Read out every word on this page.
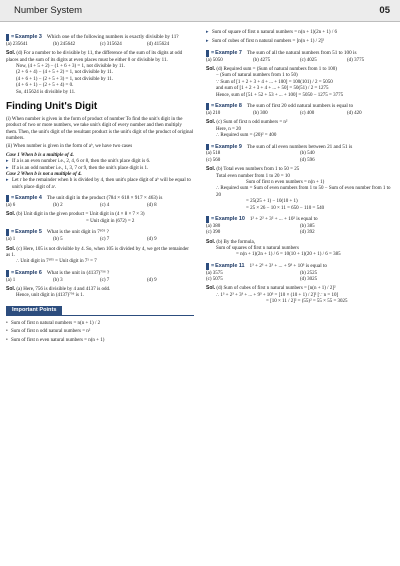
Number System	05
=Example 3 Which one of the following numbers is exactly divisible by 11?
(a) 235641	(b) 245642	(c) 315624	(d) 415624
Sol. (d) For a number to be divisible by 11, the difference of the sum of its digits at odd places and the sum of its digits at even places must be either 0 or divisible by 11.
Now, (4 + 5 + 2) − (1 + 6 + 3) = 1, not divisible by 11.
(2 + 6 + 4) − (4 + 5 + 2) = 1, not divisible by 11.
(4 + 6 + 1) − (2 + 5 + 3) = 1, not divisible by 11.
(4 + 6 + 1) − (2 + 5 + 4) = 0.
So, 415624 is divisible by 11.
Finding Unit's Digit
(i) When number is given in the form of product of number To find the unit's digit in the product of two or more numbers, we take unit's digit of every number and then multiply them. Then, the unit's digit of the resultant product is the unit's digit of the product of original numbers.
(ii) When number is given in the form of aᵇ, we have two cases
Case 1 When b is a multiple of 4.
▸ If a is an even number i.e., 2, 4, 6 or 8, then the unit's place digit is 6.
▸ If a is an odd number i.e., 1, 3, 7 or 9, then the unit's place digit is 1.
Case 2 When b is not a multiple of 4.
▸ Let r be the remainder when b is divided by 4, then unit's place digit of aᵇ will be equal to unit's place digit of aʳ.
=Example 4 The unit digit in the product (784 × 618 × 917 × 463) is
(a) 6	(b) 2	(c) 4	(d) 8
Sol. (b) Unit digit in the given product = Unit digit in (4 × 8 × 7 × 3)
= Unit digit in (672) = 2
=Example 5 What is the unit digit in 7¹⁰⁵ ?
(a) 1	(b) 5	(c) 7	(d) 9
Sol. (c) Here, 105 is not divisible by 4. So, when 105 is divided by 4, we get the remainder as 1.
∴ Unit digit in 7¹⁰⁵ = Unit digit in 7¹ = 7
=Example 6 What is the unit in (4137)⁷⁵⁶ ?
(a) 1	(b) 3	(c) 7	(d) 9
Sol. (a) Here, 756 is divisible by 4 and 4137 is odd.
Hence, unit digit in (4137)⁷⁵⁶ is 1.
Important Points
• Sum of first n natural numbers = n(n + 1) / 2
• Sum of first n odd natural numbers = n²
• Sum of first n even natural numbers = n(n + 1)
▸ Sum of square of first n natural numbers = n(n + 1)(2n + 1) / 6
▸ Sum of cubes of first n natural numbers = [n(n + 1) / 2]²
=Example 7 The sum of all the natural numbers from 51 to 100 is
(a) 5050	(b) 4275	(c) 4025	(d) 3775
Sol. (d) Required sum = (Sum of natural numbers from 1 to 100)
− (Sum of natural numbers from 1 to 50)
∵ Sum of [1 + 2 + 3 + 4 + ... + 100] = 100(101) / 2 = 5050
and sum of [1 + 2 + 3 + 4 + ... + 50] = 50(51) / 2 = 1275
Hence, sum of [51 + 52 + 53 + ... + 100] = 5050 − 1275 = 3775
=Example 8 The sum of first 20 odd natural numbers is equal to
(a) 210	(b) 300	(c) 400	(d) 420
Sol. (c) Sum of first n odd numbers = n²
Here, n = 20
∴ Required sum = (20)² = 400
=Example 9 The sum of all even numbers between 21 and 51 is
(a) 518	(b) 540
(c) 560	(d) 596
Sol. (b) Total even numbers from 1 to 50 = 25
Total even number from 1 to 20 = 10
Sum of first n even numbers = n(n + 1)
∴ Required sum = Sum of even numbers from 1 to 50 − Sum of even number from 1 to 20
= 25(25 + 1) − 10(10 + 1)
= 25 × 26 − 10 × 11 = 650 − 110 = 540
=Example 10 1² + 2² + 3² + ... + 10² is equal to
(a) 380	(b) 385
(c) 390	(d) 392
Sol. (b) By the formula,
Sum of squares of first n natural numbers
= n(n + 1)(2n + 1) / 6 = 10(10 + 1)(20 + 1) / 6 = 385
=Example 11 1³ + 2³ + 3³ + ... + 9³ + 10³ is equal to
(a) 3575	(b) 2525
(c) 5075	(d) 3025
Sol. (d) Sum of cubes of first n natural numbers = [n(n + 1) / 2]²
∴ 1³ + 2³ + 3³ + ... + 9³ + 10³ = [10 × (10 + 1) / 2]² [∵ n = 10]
= [10 × 11 / 2]² = (55)² = 55 × 55 = 3025
